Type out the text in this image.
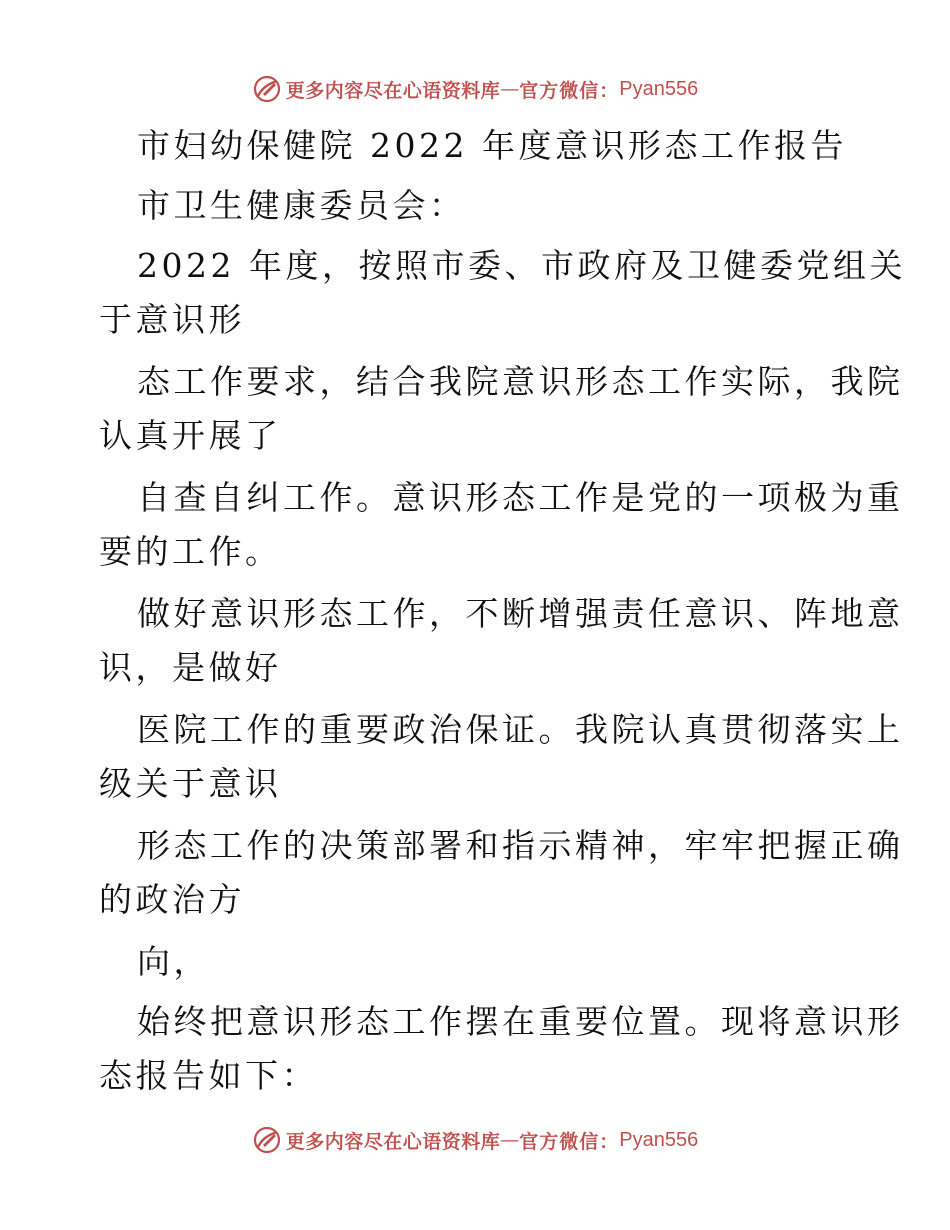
更多内容尽在心语资料库 — 官方微信： Pyan556
市妇幼保健院 2022 年度意识形态工作报告
市卫生健康委员会：
2022 年度，按照市委、市政府及卫健委党组关
于意识形
态工作要求，结合我院意识形态工作实际，我院
认真开展了
自查自纠工作。意识形态工作是党的一项极为重
要的工作。
做好意识形态工作，不断增强责任意识、阵地意
识，是做好
医院工作的重要政治保证。我院认真贯彻落实上
级关于意识
形态工作的决策部署和指示精神，牢牢把握正确
的政治方
向，
始终把意识形态工作摆在重要位置。现将意识形
态报告如下：
更多内容尽在心语资料库 — 官方微信： Pyan556
